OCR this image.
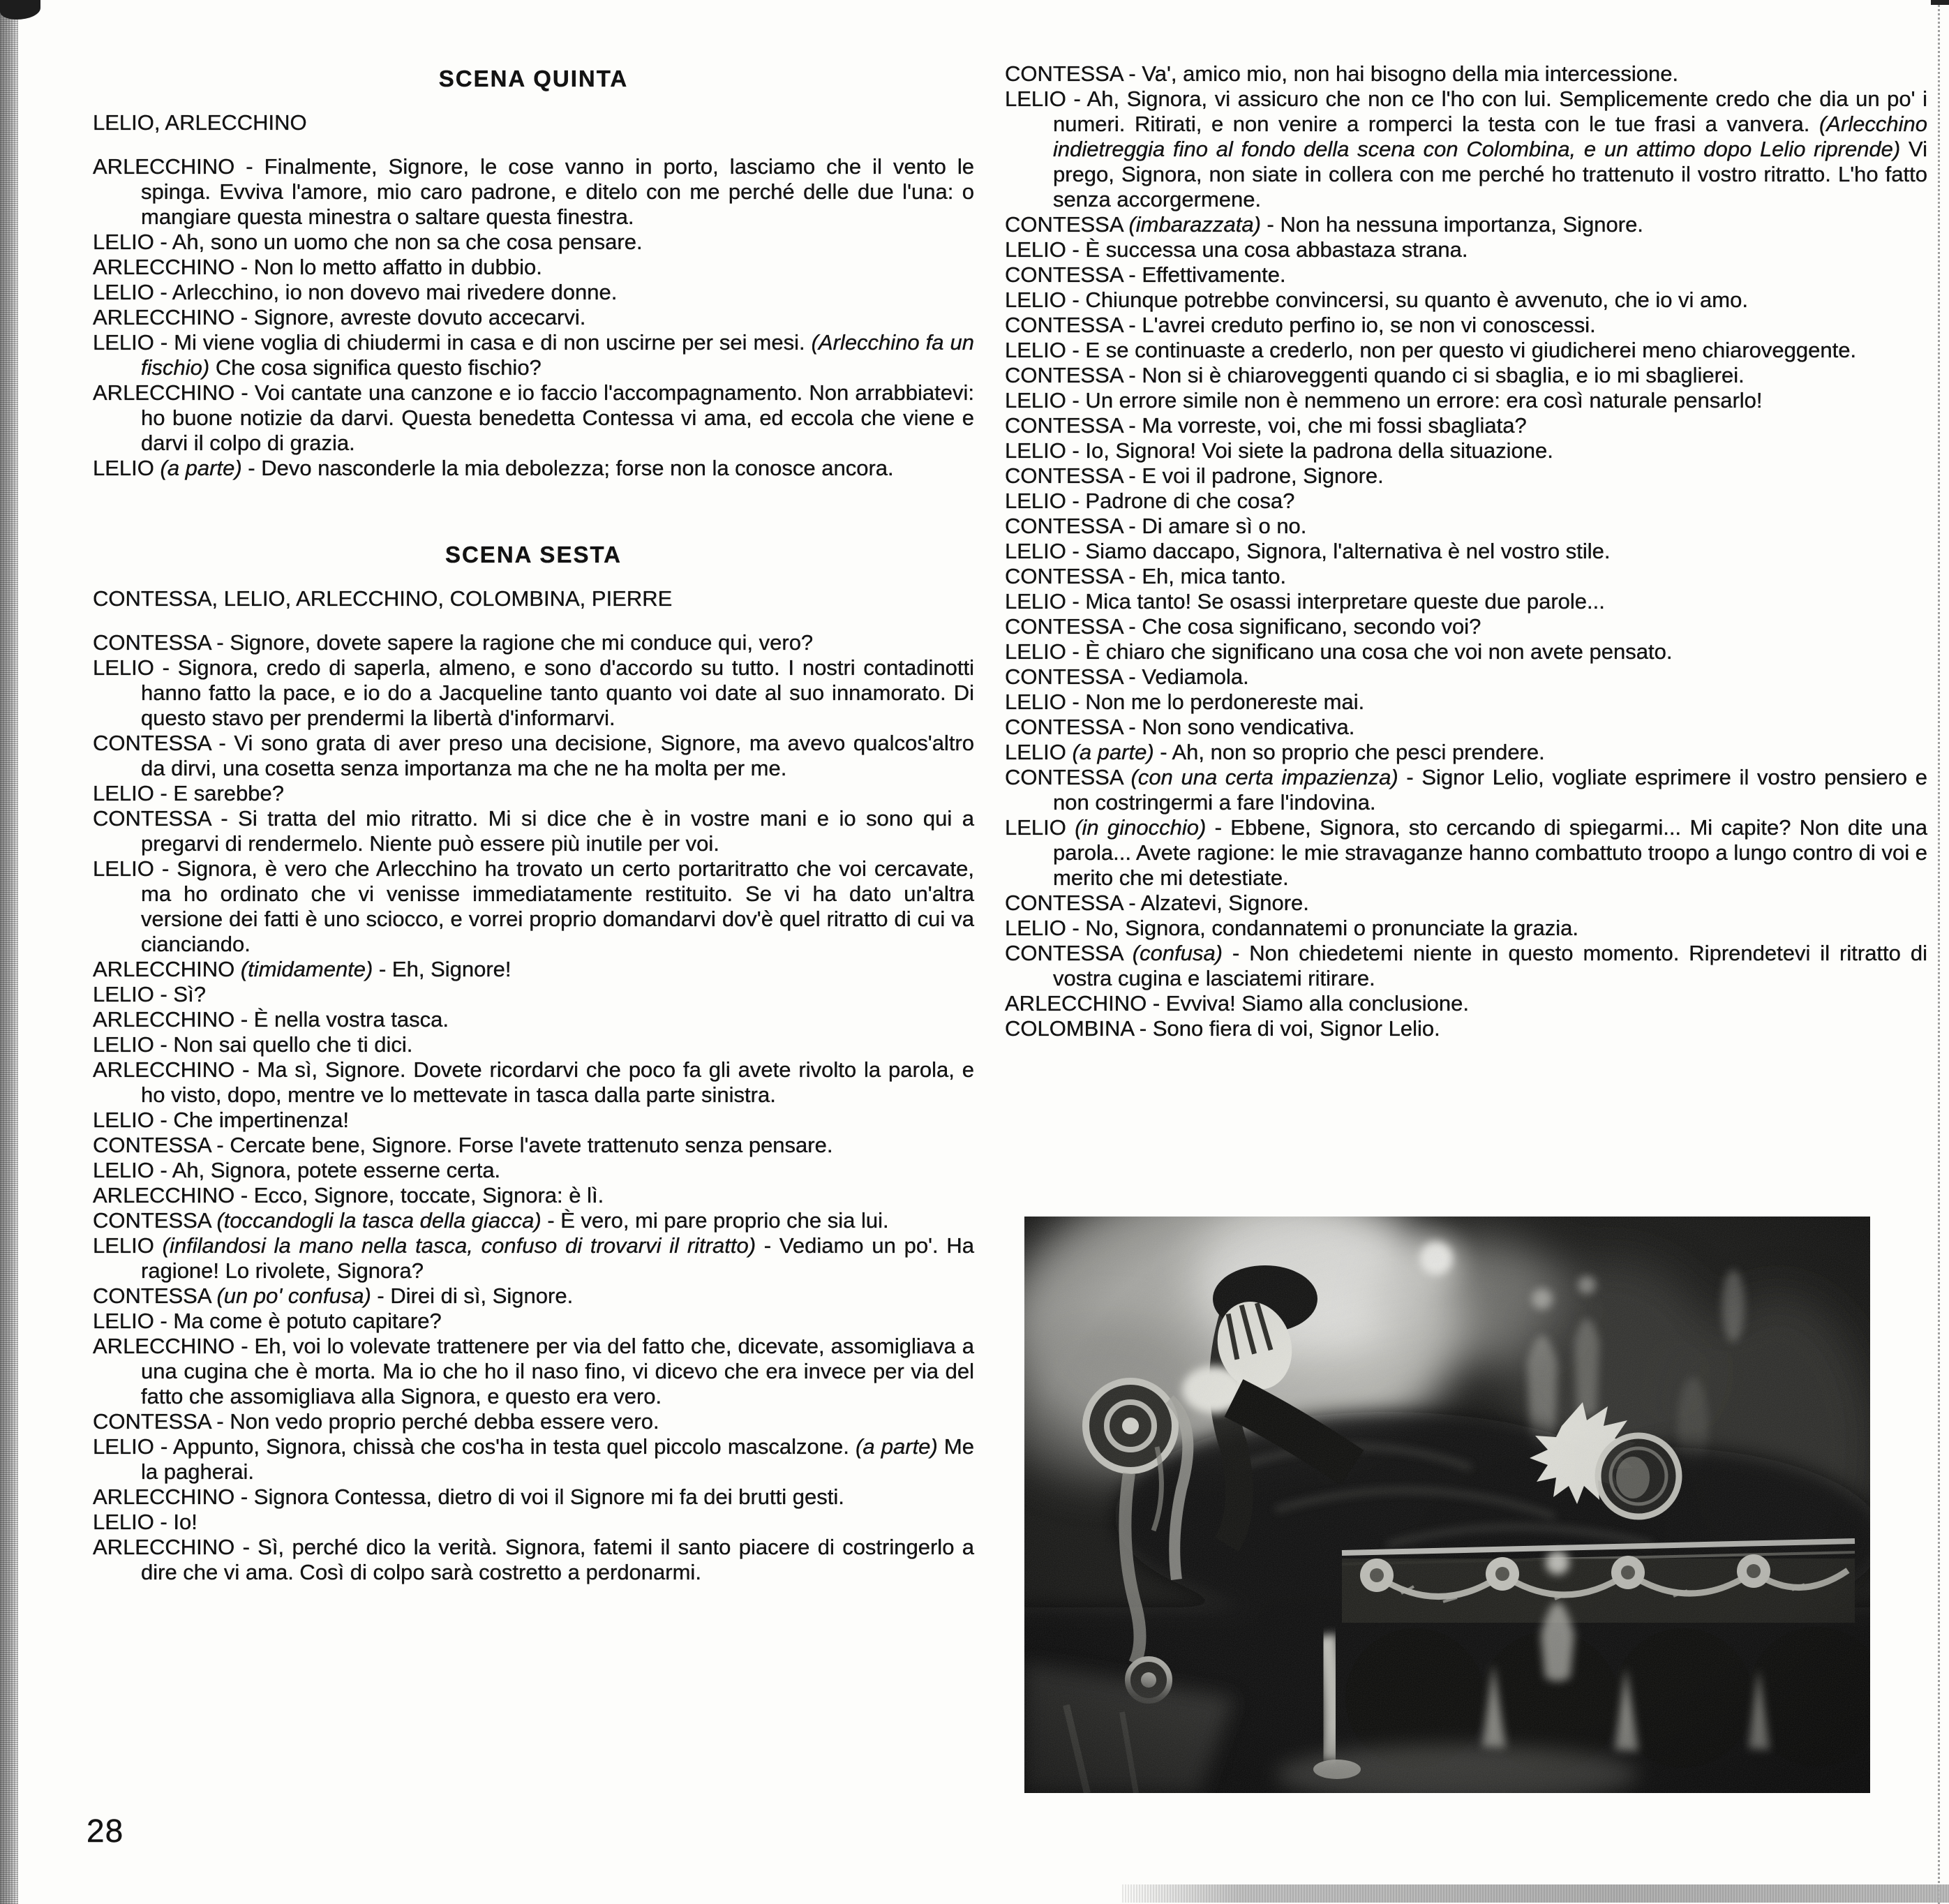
SCENA QUINTA

LELIO, ARLECCHINO

ARLECCHINO - Finalmente, Signore, le cose vanno in porto, lasciamo che il vento le spinga. Evviva l'amore, mio caro padrone, e ditelo con me perché delle due l'una: o mangiare questa minestra o saltare questa finestra.

LELIO - Ah, sono un uomo che non sa che cosa pensare.

ARLECCHINO - Non lo metto affatto in dubbio.

LELIO - Arlecchino, io non dovevo mai rivedere donne.

ARLECCHINO - Signore, avreste dovuto accecarvi.

LELIO - Mi viene voglia di chiudermi in casa e di non uscirne per sei mesi. (Arlecchino fa un fischio) Che cosa significa questo fischio?

ARLECCHINO - Voi cantate una canzone e io faccio l'accompagnamento. Non arrabbiatevi: ho buone notizie da darvi. Questa benedetta Contessa vi ama, ed eccola che viene e darvi il colpo di grazia.

LELIO (a parte) - Devo nasconderle la mia debolezza; forse non la conosce ancora.

SCENA SESTA

CONTESSA, LELIO, ARLECCHINO, COLOMBINA, PIERRE

CONTESSA - Signore, dovete sapere la ragione che mi conduce qui, vero?

LELIO - Signora, credo di saperla, almeno, e sono d'accordo su tutto. I nostri contadinotti hanno fatto la pace, e io do a Jacqueline tanto quanto voi date al suo innamorato. Di questo stavo per prendermi la libertà d'informarvi.

CONTESSA - Vi sono grata di aver preso una decisione, Signore, ma avevo qualcos'altro da dirvi, una cosetta senza importanza ma che ne ha molta per me.

LELIO - E sarebbe?

CONTESSA - Si tratta del mio ritratto. Mi si dice che è in vostre mani e io sono qui a pregarvi di rendermelo. Niente può essere più inutile per voi.

LELIO - Signora, è vero che Arlecchino ha trovato un certo portaritratto che voi cercavate, ma ho ordinato che vi venisse immediatamente restituito. Se vi ha dato un'altra versione dei fatti è uno sciocco, e vorrei proprio domandarvi dov'è quel ritratto di cui va cianciando.

ARLECCHINO (timidamente) - Eh, Signore!

LELIO - Sì?

ARLECCHINO - È nella vostra tasca.

LELIO - Non sai quello che ti dici.

ARLECCHINO - Ma sì, Signore. Dovete ricordarvi che poco fa gli avete rivolto la parola, e ho visto, dopo, mentre ve lo mettevate in tasca dalla parte sinistra.

LELIO - Che impertinenza!

CONTESSA - Cercate bene, Signore. Forse l'avete trattenuto senza pensare.

LELIO - Ah, Signora, potete esserne certa.

ARLECCHINO - Ecco, Signore, toccate, Signora: è lì.

CONTESSA (toccandogli la tasca della giacca) - È vero, mi pare proprio che sia lui.

LELIO (infilandosi la mano nella tasca, confuso di trovarvi il ritratto) - Vediamo un po'. Ha ragione! Lo rivolete, Signora?

CONTESSA (un po' confusa) - Direi di sì, Signore.

LELIO - Ma come è potuto capitare?

ARLECCHINO - Eh, voi lo volevate trattenere per via del fatto che, dicevate, assomigliava a una cugina che è morta. Ma io che ho il naso fino, vi dicevo che era invece per via del fatto che assomigliava alla Signora, e questo era vero.

CONTESSA - Non vedo proprio perché debba essere vero.

LELIO - Appunto, Signora, chissà che cos'ha in testa quel piccolo mascalzone. (a parte) Me la pagherai.

ARLECCHINO - Signora Contessa, dietro di voi il Signore mi fa dei brutti gesti.

LELIO - Io!

ARLECCHINO - Sì, perché dico la verità. Signora, fatemi il santo piacere di costringerlo a dire che vi ama. Così di colpo sarà costretto a perdonarmi.

CONTESSA - Va', amico mio, non hai bisogno della mia intercessione.

LELIO - Ah, Signora, vi assicuro che non ce l'ho con lui. Semplicemente credo che dia un po' i numeri. Ritirati, e non venire a romperci la testa con le tue frasi a vanvera. (Arlecchino indietreggia fino al fondo della scena con Colombina, e un attimo dopo Lelio riprende) Vi prego, Signora, non siate in collera con me perché ho trattenuto il vostro ritratto. L'ho fatto senza accorgermene.

CONTESSA (imbarazzata) - Non ha nessuna importanza, Signore.

LELIO - È successa una cosa abbastaza strana.

CONTESSA - Effettivamente.

LELIO - Chiunque potrebbe convincersi, su quanto è avvenuto, che io vi amo.

CONTESSA - L'avrei creduto perfino io, se non vi conoscessi.

LELIO - E se continuaste a crederlo, non per questo vi giudicherei meno chiaroveggente.

CONTESSA - Non si è chiaroveggenti quando ci si sbaglia, e io mi sbaglierei.

LELIO - Un errore simile non è nemmeno un errore: era così naturale pensarlo!

CONTESSA - Ma vorreste, voi, che mi fossi sbagliata?

LELIO - Io, Signora! Voi siete la padrona della situazione.

CONTESSA - E voi il padrone, Signore.

LELIO - Padrone di che cosa?

CONTESSA - Di amare sì o no.

LELIO - Siamo daccapo, Signora, l'alternativa è nel vostro stile.

CONTESSA - Eh, mica tanto.

LELIO - Mica tanto! Se osassi interpretare queste due parole...

CONTESSA - Che cosa significano, secondo voi?

LELIO - È chiaro che significano una cosa che voi non avete pensato.

CONTESSA - Vediamola.

LELIO - Non me lo perdonereste mai.

CONTESSA - Non sono vendicativa.

LELIO (a parte) - Ah, non so proprio che pesci prendere.

CONTESSA (con una certa impazienza) - Signor Lelio, vogliate esprimere il vostro pensiero e non costringermi a fare l'indovina.

LELIO (in ginocchio) - Ebbene, Signora, sto cercando di spiegarmi... Mi capite? Non dite una parola... Avete ragione: le mie stravaganze hanno combattuto troopo a lungo contro di voi e merito che mi detestiate.

CONTESSA - Alzatevi, Signore.

LELIO - No, Signora, condannatemi o pronunciate la grazia.

CONTESSA (confusa) - Non chiedetemi niente in questo momento. Riprendetevi il ritratto di vostra cugina e lasciatemi ritirare.

ARLECCHINO - Evviva! Siamo alla conclusione.

COLOMBINA - Sono fiera di voi, Signor Lelio.

28
